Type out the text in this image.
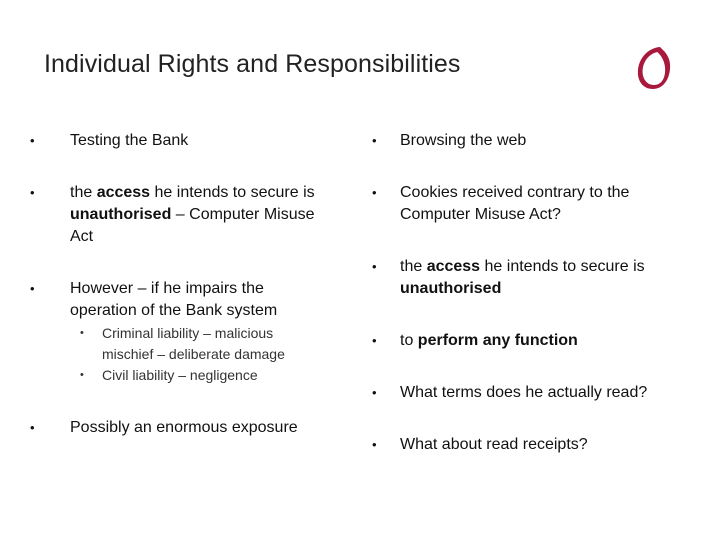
Individual Rights and Responsibilities
• Testing the Bank
• the access he intends to secure is
unauthorised – Computer Misuse
Act
• However – if he impairs the
operation of the Bank system
• Criminal liability – malicious
mischief – deliberate damage
• Civil liability – negligence
• Possibly an enormous exposure
• Browsing the web
• Cookies received contrary to the
Computer Misuse Act?
• the access he intends to secure is
unauthorised
• to perform any function
• What terms does he actually read?
• What about read receipts?
